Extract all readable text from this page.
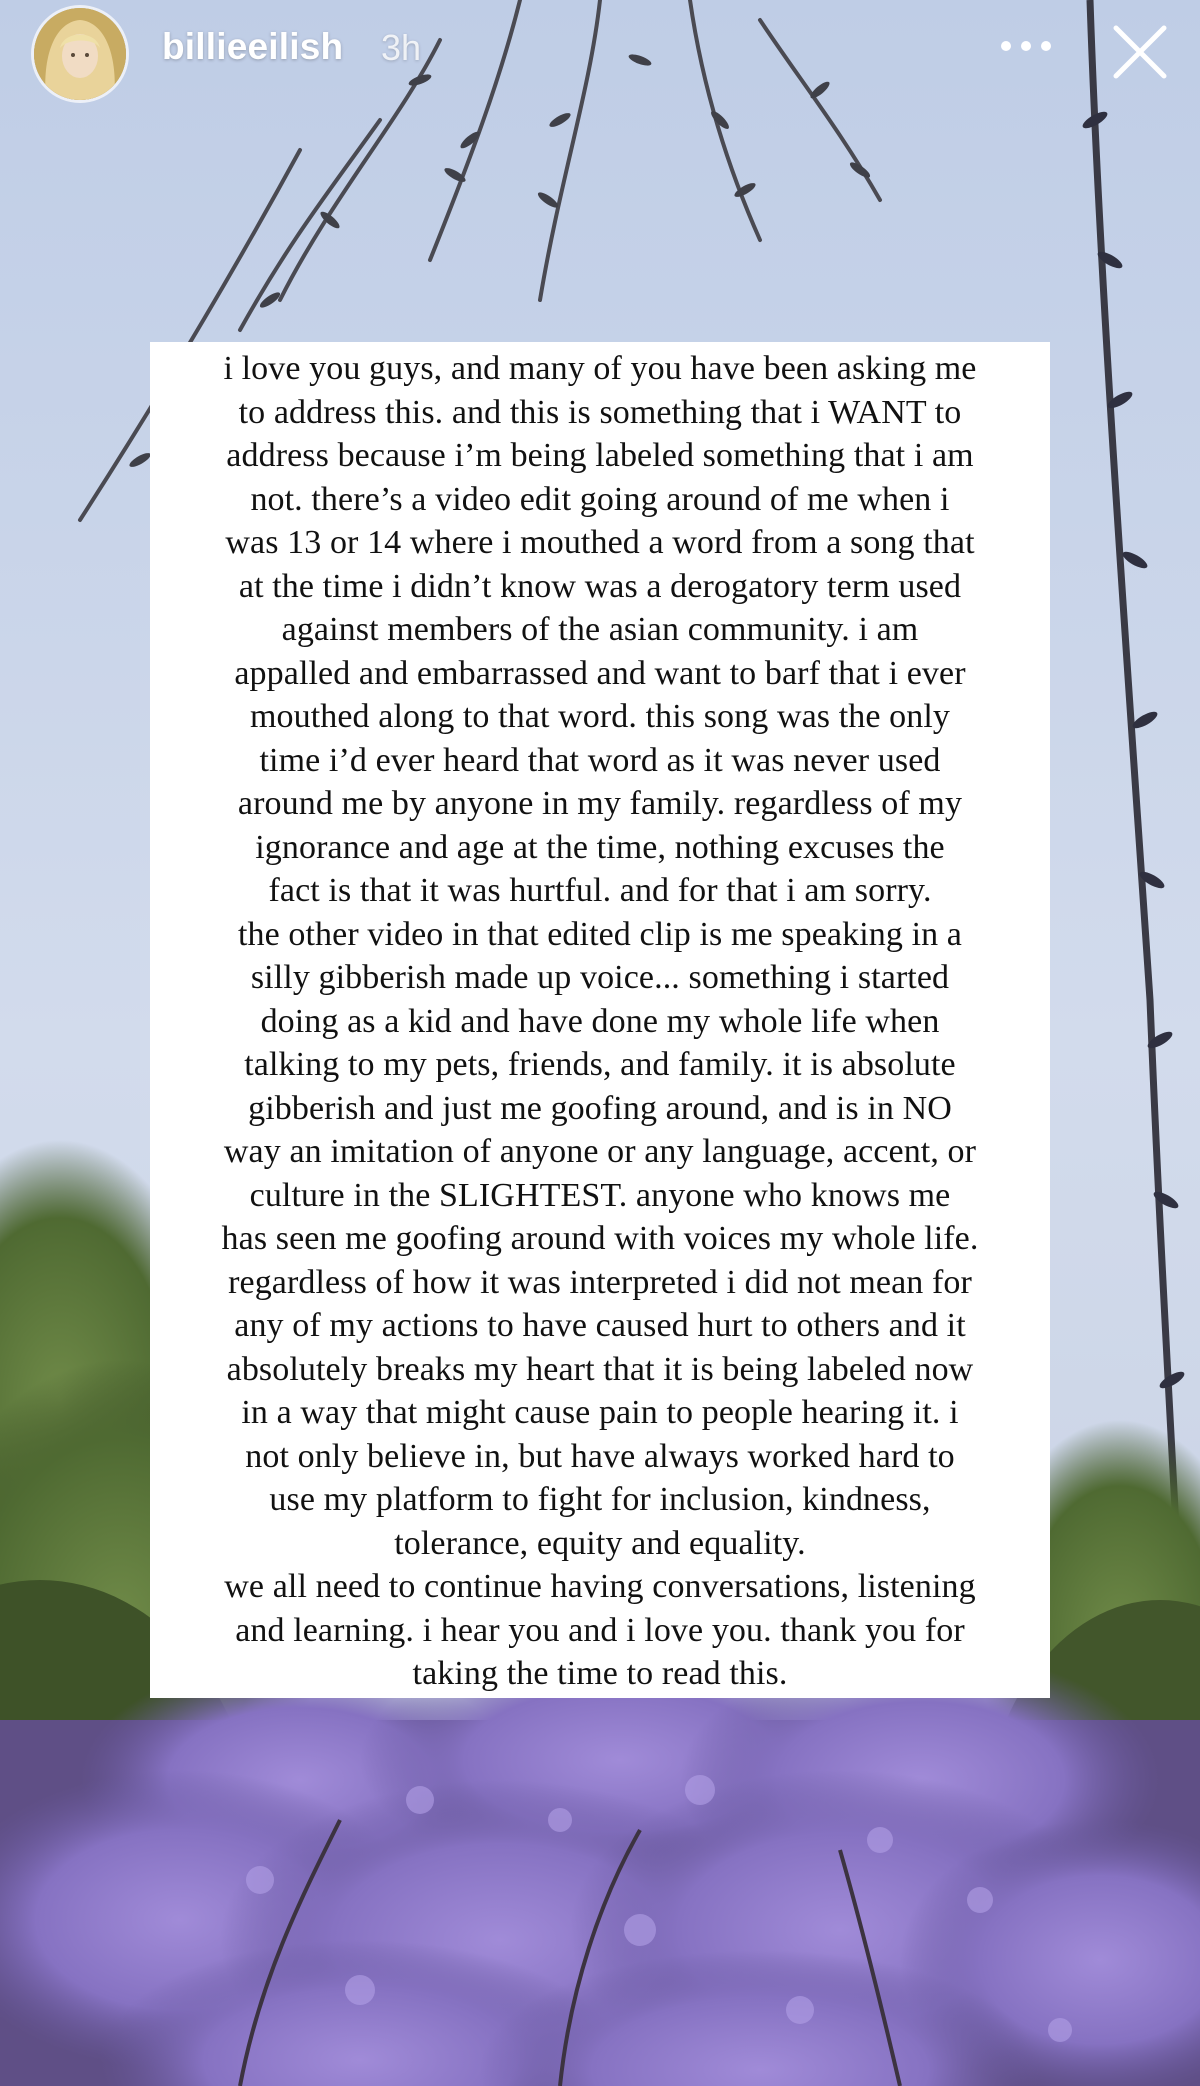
billieeilish 3h
i love you guys, and many of you have been asking me
to address this. and this is something that i WANT to
address because i’m being labeled something that i am
not. there’s a video edit going around of me when i
was 13 or 14 where i mouthed a word from a song that
at the time i didn’t know was a derogatory term used
against members of the asian community. i am
appalled and embarrassed and want to barf that i ever
mouthed along to that word. this song was the only
time i’d ever heard that word as it was never used
around me by anyone in my family. regardless of my
ignorance and age at the time, nothing excuses the
fact is that it was hurtful. and for that i am sorry.
the other video in that edited clip is me speaking in a
silly gibberish made up voice... something i started
doing as a kid and have done my whole life when
talking to my pets, friends, and family. it is absolute
gibberish and just me goofing around, and is in NO
way an imitation of anyone or any language, accent, or
culture in the SLIGHTEST. anyone who knows me
has seen me goofing around with voices my whole life.
regardless of how it was interpreted i did not mean for
any of my actions to have caused hurt to others and it
absolutely breaks my heart that it is being labeled now
in a way that might cause pain to people hearing it. i
not only believe in, but have always worked hard to
use my platform to fight for inclusion, kindness,
tolerance, equity and equality.
we all need to continue having conversations, listening
and learning. i hear you and i love you. thank you for
taking the time to read this.
